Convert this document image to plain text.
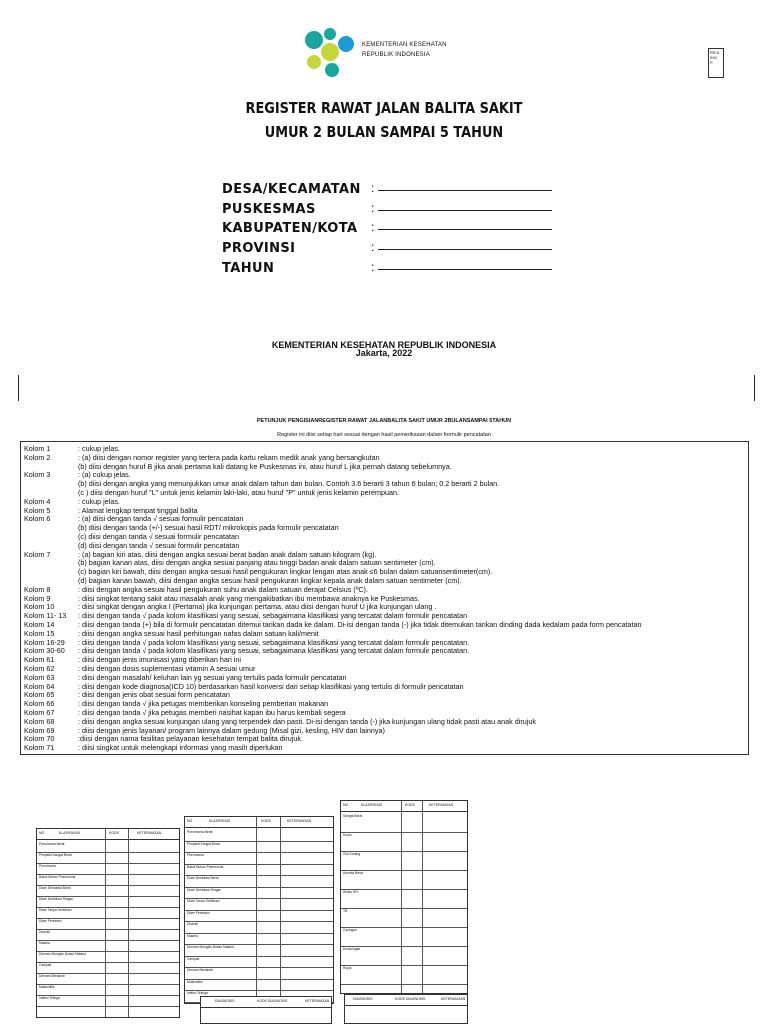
KEMENTERIAN KESEHATAN
REPUBLIK INDONESIA	RR 8
ING
P
REGISTER RAWAT JALAN BALITA SAKIT
UMUR 2 BULAN SAMPAI 5 TAHUN
DESA/KECAMATAN :
PUSKESMAS	:
KABUPATEN/KOTA :
PROVINSI	:
TAHUN	:
KEMENTERIAN KESEHATAN REPUBLIK INDONESIA
Jakarta, 2022
PETUNJUK PENGISIANREGISTER RAWAT JALANBALITA SAKIT UMUR 2BULANSAMPAI 5TAHUN
Register ini diisi setiap hari sesuai dengan hasil pemeriksaan dalam formulir pencatatan
Kolom 1	: cukup jelas.
Kolom 2	: (a) diisi dengan nomor register yang tertera pada kartu rekam medik anak yang bersangkutan
(b) diisi dengan huruf B jika anak pertama kali datang ke Puskesmas ini, atau huruf L jika pernah datang sebelumnya.
Kolom 3	: (a) cukup jelas.
(b) diisi dengan angka yang menunjukkan umur anak dalam tahun dan bulan. Contoh 3.6 berarti 3 tahun 6 bulan; 0.2 berarti 2 bulan.
(c ) diisi dengan huruf "L" untuk jenis kelamin laki-laki, atau huruf "P" untuk jenis kelamin perempuan.
Kolom 4	: cukup jelas.
Kolom 5	: Alamat lengkap tempat tinggal balita
Kolom 6	: (a) diisi dengan tanda √ sesuai formulir pencatatan
(b) diisi dengan tanda (+/-) sesuai hasil RDT/ mikrokopis pada formulir pencatatan
(c) diisi dengan tanda √ sesuai formulir pencatatan
(d) diisi dengan tanda √ sesuai formulir pencatatan
Kolom 7	: (a) bagian kiri atas, diisi dengan angka sesuai berat badan anak dalam satuan kilogram (kg).
(b) bagian kanan atas, diisi dengan angka sesuai panjang atau tinggi badan anak dalam satuan sentimeter (cm).
(c) bagian kiri bawah, diisi dengan angka sesuai hasil pengukuran lingkar lengan atas anak ≤6 bulan dalam satuansentimeter(cm).
(d) bagian kanan bawah, diisi dengan angka sesuai hasil pengukuran lingkar kepala anak dalam satuan sentimeter (cm).
Kolom 8	: diisi dengan angka sesuai hasil pengukuran suhu anak dalam satuan derajat Celsius (ºC).
Kolom 9	: diisi singkat tentang sakit atau masalah anak yang mengakibatkan ibu membawa anaknya ke Puskesmas.
Kolom 10	: diisi singkat dengan angka I (Pertama) jika kunjungan pertama, atau diisi dengan huruf U jika kunjungan ulang .
Kolom 11- 13	: diisi dengan tanda √ pada kolom klasifikasi yang sesuai, sebagaimana klasifikasi yang tercatat dalam formulir pencatatan
Kolom 14	: diisi dengan tanda (+) bila di formulir pencatatan ditemui tarikan dada ke dalam. Di-isi dengan tanda (-) jika tidak ditemukan tarikan dinding dada kedalam pada form pencatatan
Kolom 15	: diisi dengan angka sesuai hasil perhitungan nafas dalam satuan kali/menit
Kolom 16-29	: diisi dengan tanda √ pada kolom klasifikasi yang sesuai, sebagaimana klasifikasi yang tercatat dalam formulir pencatatan.
Kolom 30-60	: diisi dengan tanda √ pada kolom klasifikasi yang sesuai, sebagaimana klasifikasi yang tercatat dalam formulir pencatatan.
Kolom 61	: diisi dengan jenis imunisasi yang diberikan hari ini
Kolom 62	: diisi dengan dosis suplementasi vitamin A sesuai umur
Kolom 63	: diisi dengan masalah/ keluhan lain yg sesuai yang tertulis pada formulir pencatatan
Kolom 64	: diisi dengan kode diagnosa(ICD 10) berdasarkan hasil konversi dari setiap klasifikasi yang tertulis di formulir pencatatan
Kolom 65	: diisi dengan jenis obat sesuai form pencatatan
Kolom 66	: diisi dengan tanda √ jika petugas memberikan konseling pemberian makanan
Kolom 67	: diisi dengan tanda √ jika petugas memberi nasihat kapan ibu harus kembali segera
Kolom 68	: diisi dengan angka sesuai kunjungan ulang yang terpendek dan pasti. Di-isi dengan tanda (-) jika kunjungan ulang tidak pasti atau anak dirujuk
Kolom 69	: diisi dengan jenis layanan/ program lainnya dalam gedung (Misal gizi, kesling, HIV dan lainnya)
Kolom 70	:diisi dengan nama fasilitas pelayanan kesehatan tempat balita dirujuk.
Kolom 71	: diisi singkat untuk melengkapi informasi yang masih diperlukan
NO	KLASIFIKASI	KODE	KETERANGAN
Pneumonia Berat
Penyakit Sangat Berat
Pneumonia
Batuk Bukan Pneumonia
Diare Dehidrasi Berat
Diare Dehidrasi Ringan
Diare Tanpa Dehidrasi
Diare Persisten
Disentri
Malaria
Demam Mungkin Bukan Malaria
Campak
Demam Berdarah
Mastoiditis
Infeksi Telinga
NO	KLASIFIKASI	KODE	KETERANGAN
Pneumonia Berat
Penyakit Sangat Berat
Pneumonia
Batuk Bukan Pneumonia
Diare Dehidrasi Berat
Diare Dehidrasi Ringan
Diare Tanpa Dehidrasi
Diare Persisten
Disentri
Malaria
Demam Mungkin Bukan Malaria
Campak
Demam Berdarah
Mastoiditis
Infeksi Telinga
DIAGNOSIS	KODE DIAGNOSIS	KETERANGAN
NO	KLASIFIKASI	KODE	KETERANGAN
Sangat Berat
Kurus
Gizi Kurang
Anemia Berat
Risiko HIV
TB
Cacingan
Kecacingan
Rujuk
DIAGNOSIS	KODE DIAGNOSIS	KETERANGAN
